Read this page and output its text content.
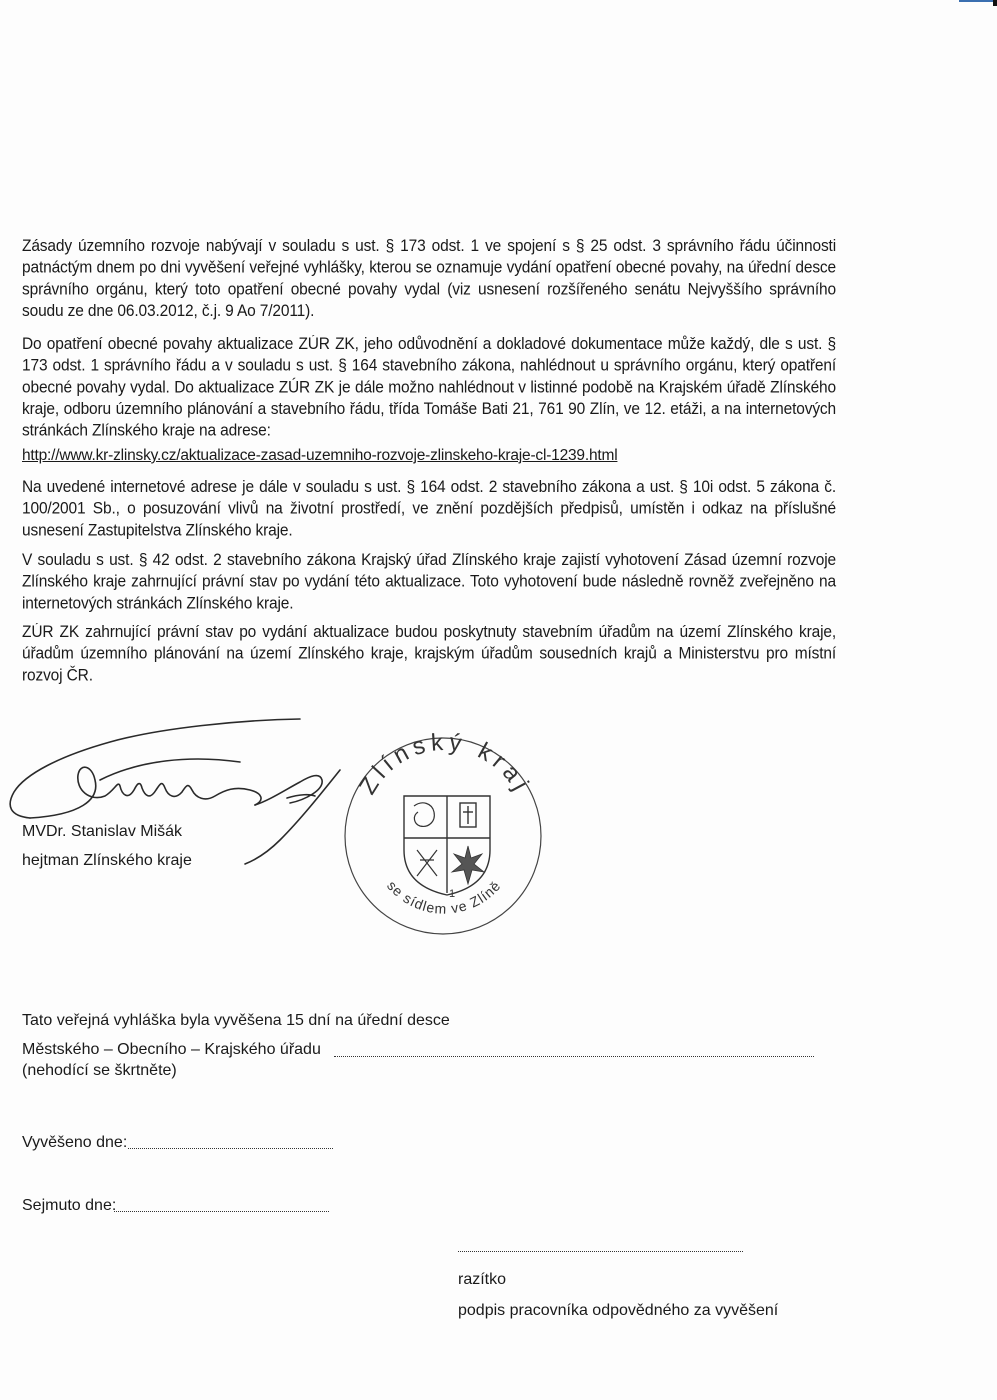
Zásady územního rozvoje nabývají v souladu s ust. § 173 odst. 1 ve spojení s § 25 odst. 3 správního řádu účinnosti patnáctým dnem po dni vyvěšení veřejné vyhlášky, kterou se oznamuje vydání opatření obecné povahy, na úřední desce správního orgánu, který toto opatření obecné povahy vydal (viz usnesení rozšířeného senátu Nejvyššího správního soudu ze dne 06.03.2012, č.j. 9 Ao 7/2011).
Do opatření obecné povahy aktualizace ZÚR ZK, jeho odůvodnění a dokladové dokumentace může každý, dle s ust. § 173 odst. 1 správního řádu a v souladu s ust. § 164 stavebního zákona, nahlédnout u správního orgánu, který opatření obecné povahy vydal. Do aktualizace ZÚR ZK je dále možno nahlédnout v listinné podobě na Krajském úřadě Zlínského kraje, odboru územního plánování a stavebního řádu, třída Tomáše Bati 21, 761 90 Zlín, ve 12. etáži, a na internetových stránkách Zlínského kraje na adrese:
http://www.kr-zlinsky.cz/aktualizace-zasad-uzemniho-rozvoje-zlinskeho-kraje-cl-1239.html
Na uvedené internetové adrese je dále v souladu s ust. § 164 odst. 2 stavebního zákona a ust. § 10i odst. 5 zákona č. 100/2001 Sb., o posuzování vlivů na životní prostředí, ve znění pozdějších předpisů, umístěn i odkaz na příslušné usnesení Zastupitelstva Zlínského kraje.
V souladu s ust. § 42 odst. 2 stavebního zákona Krajský úřad Zlínského kraje zajistí vyhotovení Zásad územní rozvoje Zlínského kraje zahrnující právní stav po vydání této aktualizace. Toto vyhotovení bude následně rovněž zveřejněno na internetových stránkách Zlínského kraje.
ZÚR ZK zahrnující právní stav po vydání aktualizace budou poskytnuty stavebním úřadům na území Zlínského kraje, úřadům územního plánování na území Zlínského kraje, krajským úřadům sousedních krajů a Ministerstvu pro místní rozvoj ČR.
Zlínský kraj
se sídlem ve Zlíně
1
MVDr. Stanislav Mišák
hejtman Zlínského kraje
Tato veřejná vyhláška byla vyvěšena 15 dní na úřední desce
Městského – Obecního – Krajského úřadu
(nehodící se škrtněte)
Vyvěšeno dne:
Sejmuto dne:
razítko
podpis pracovníka odpovědného za vyvěšení
